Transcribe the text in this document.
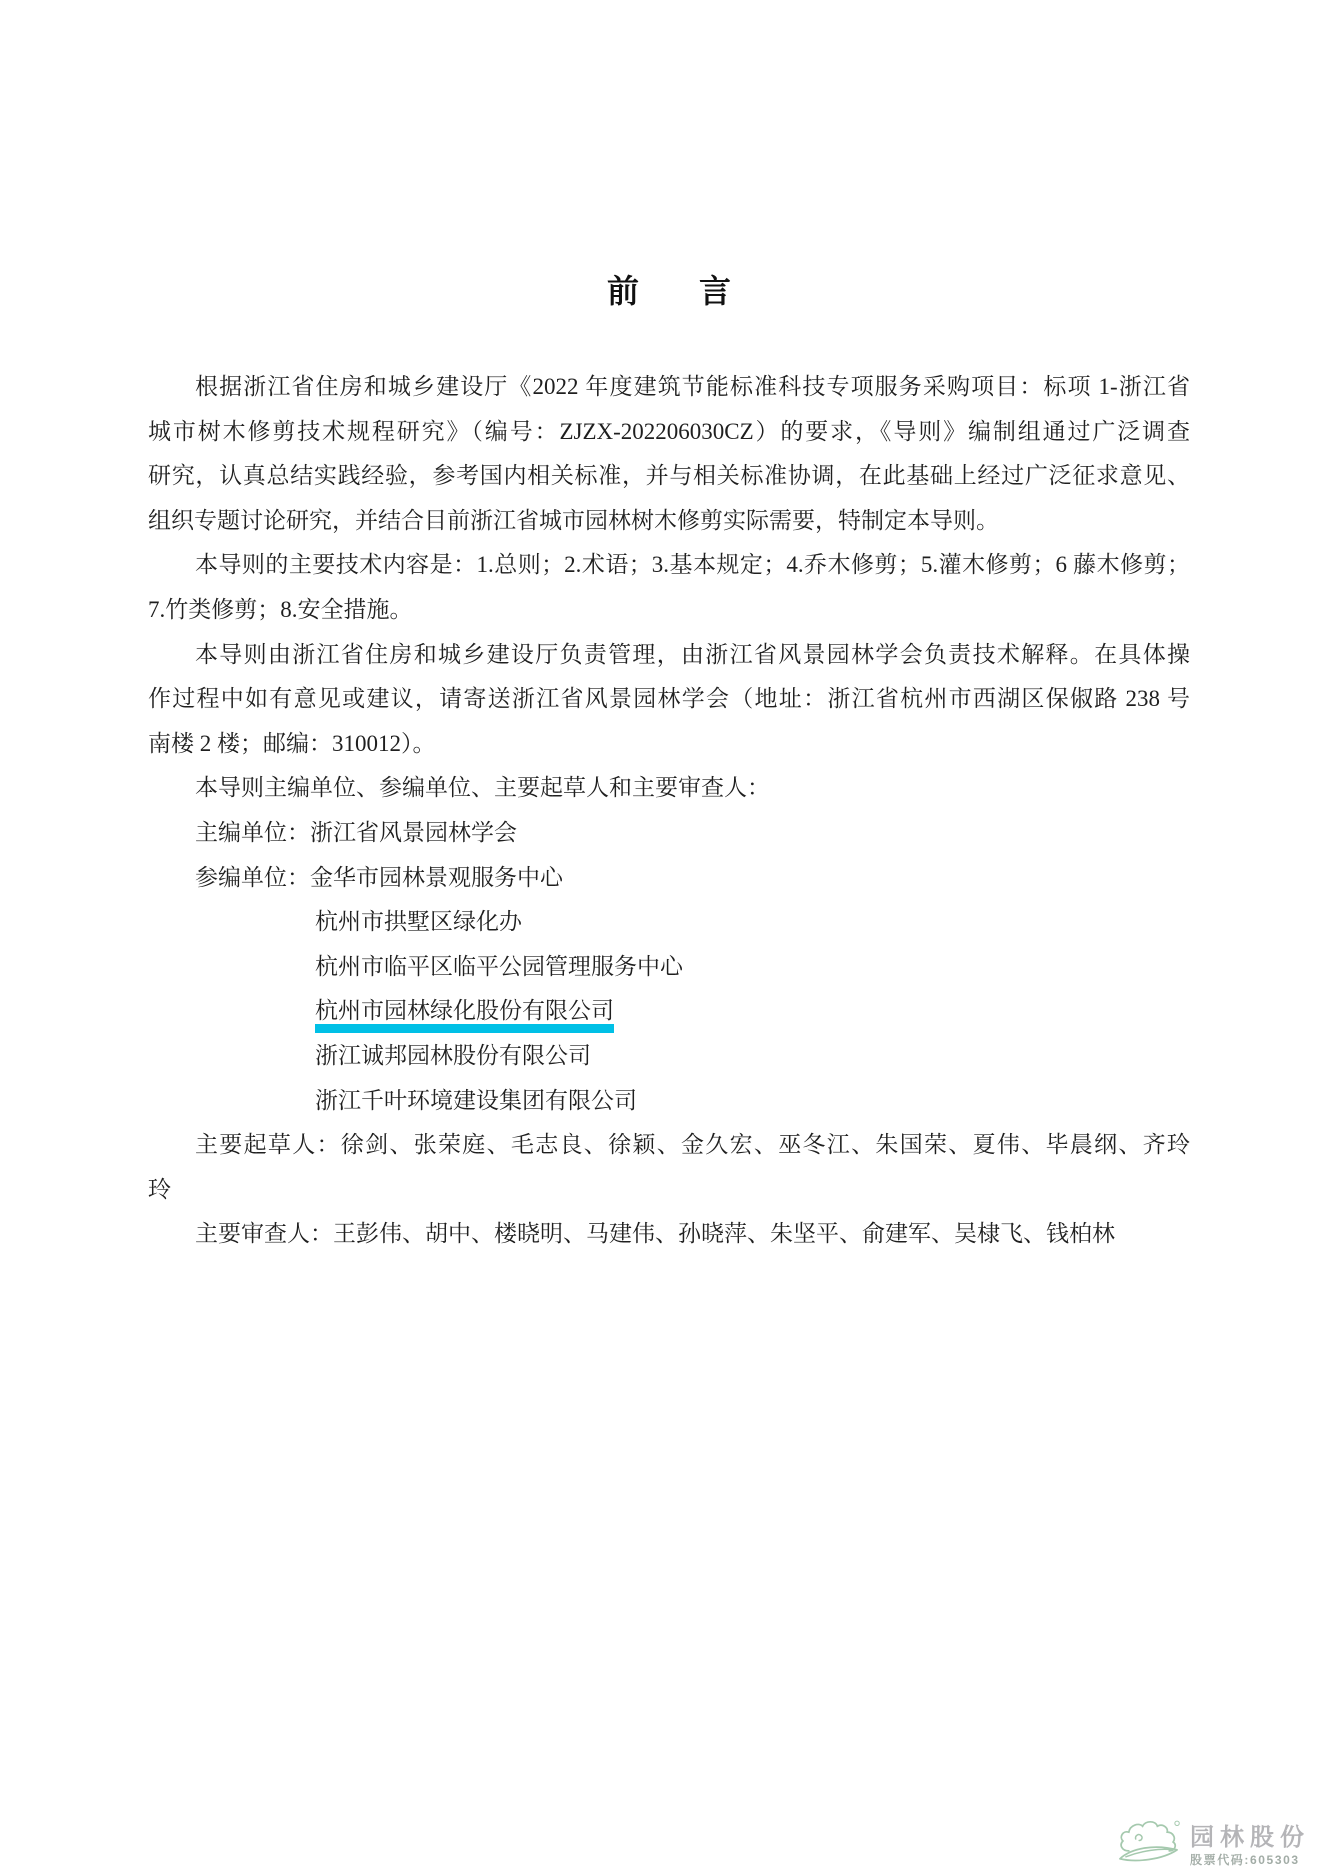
前 言
根据浙江省住房和城乡建设厅《2022 年度建筑节能标准科技专项服务采购项目：标项 1-浙江省
城市树木修剪技术规程研究》（编号：ZJZX-202206030CZ）的要求，《导则》编制组通过广泛调查
研究，认真总结实践经验，参考国内相关标准，并与相关标准协调，在此基础上经过广泛征求意见、
组织专题讨论研究，并结合目前浙江省城市园林树木修剪实际需要，特制定本导则。
本导则的主要技术内容是：1.总则；2.术语；3.基本规定；4.乔木修剪；5.灌木修剪；6 藤木修剪；
7.竹类修剪；8.安全措施。
本导则由浙江省住房和城乡建设厅负责管理，由浙江省风景园林学会负责技术解释。在具体操
作过程中如有意见或建议，请寄送浙江省风景园林学会（地址：浙江省杭州市西湖区保俶路 238 号
南楼 2 楼；邮编：310012）。
本导则主编单位、参编单位、主要起草人和主要审查人：
主编单位：浙江省风景园林学会
参编单位：金华市园林景观服务中心
杭州市拱墅区绿化办
杭州市临平区临平公园管理服务中心
杭州市园林绿化股份有限公司
浙江诚邦园林股份有限公司
浙江千叶环境建设集团有限公司
主要起草人：徐剑、张荣庭、毛志良、徐颖、金久宏、巫冬江、朱国荣、夏伟、毕晨纲、齐玲
玲
主要审查人：王彭伟、胡中、楼晓明、马建伟、孙晓萍、朱坚平、俞建军、吴棣飞、钱柏林
园林股份
股票代码:605303
